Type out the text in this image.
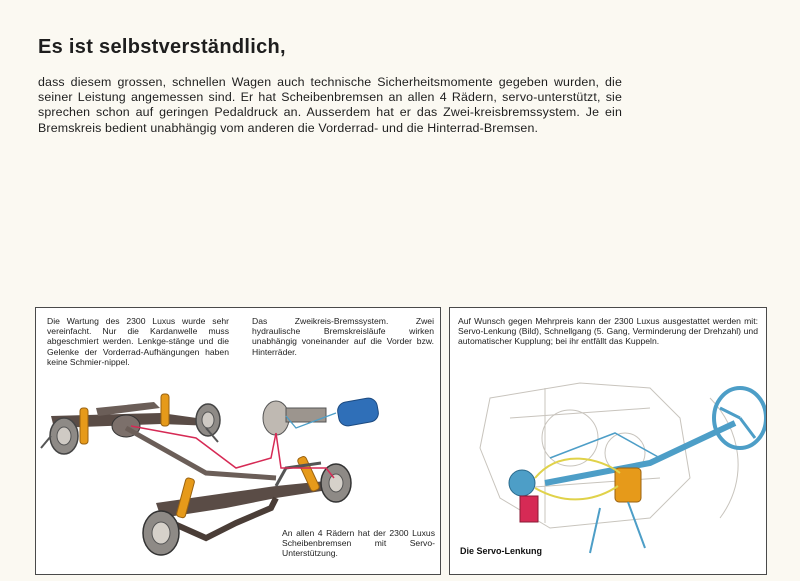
Es ist selbstverständlich,
dass diesem grossen, schnellen Wagen auch technische Sicherheitsmomente gegeben wurden, die seiner Leistung angemessen sind. Er hat Scheibenbremsen an allen 4 Rädern, servo-unterstützt, sie sprechen schon auf geringen Pedaldruck an. Ausserdem hat er das Zwei-kreisbremssystem. Je ein Bremskreis bedient unabhängig vom anderen die Vorderrad- und die Hinterrad-Bremsen.
Die Wartung des 2300 Luxus wurde sehr vereinfacht. Nur die Kardanwelle muss abgeschmiert werden. Lenkge-stänge und die Gelenke der Vorderrad-Aufhängungen haben keine Schmier-nippel.
Das Zweikreis-Bremssystem. Zwei hydraulische Bremskreisläufe wirken unabhängig voneinander auf die Vorder bzw. Hinterräder.
An allen 4 Rädern hat der 2300 Luxus Scheibenbremsen mit Servo-Unterstützung.
Auf Wunsch gegen Mehrpreis kann der 2300 Luxus ausgestattet werden mit: Servo-Lenkung (Bild), Schnellgang (5. Gang, Verminderung der Drehzahl) und automatischer Kupplung; bei ihr entfällt das Kuppeln.
Die Servo-Lenkung
